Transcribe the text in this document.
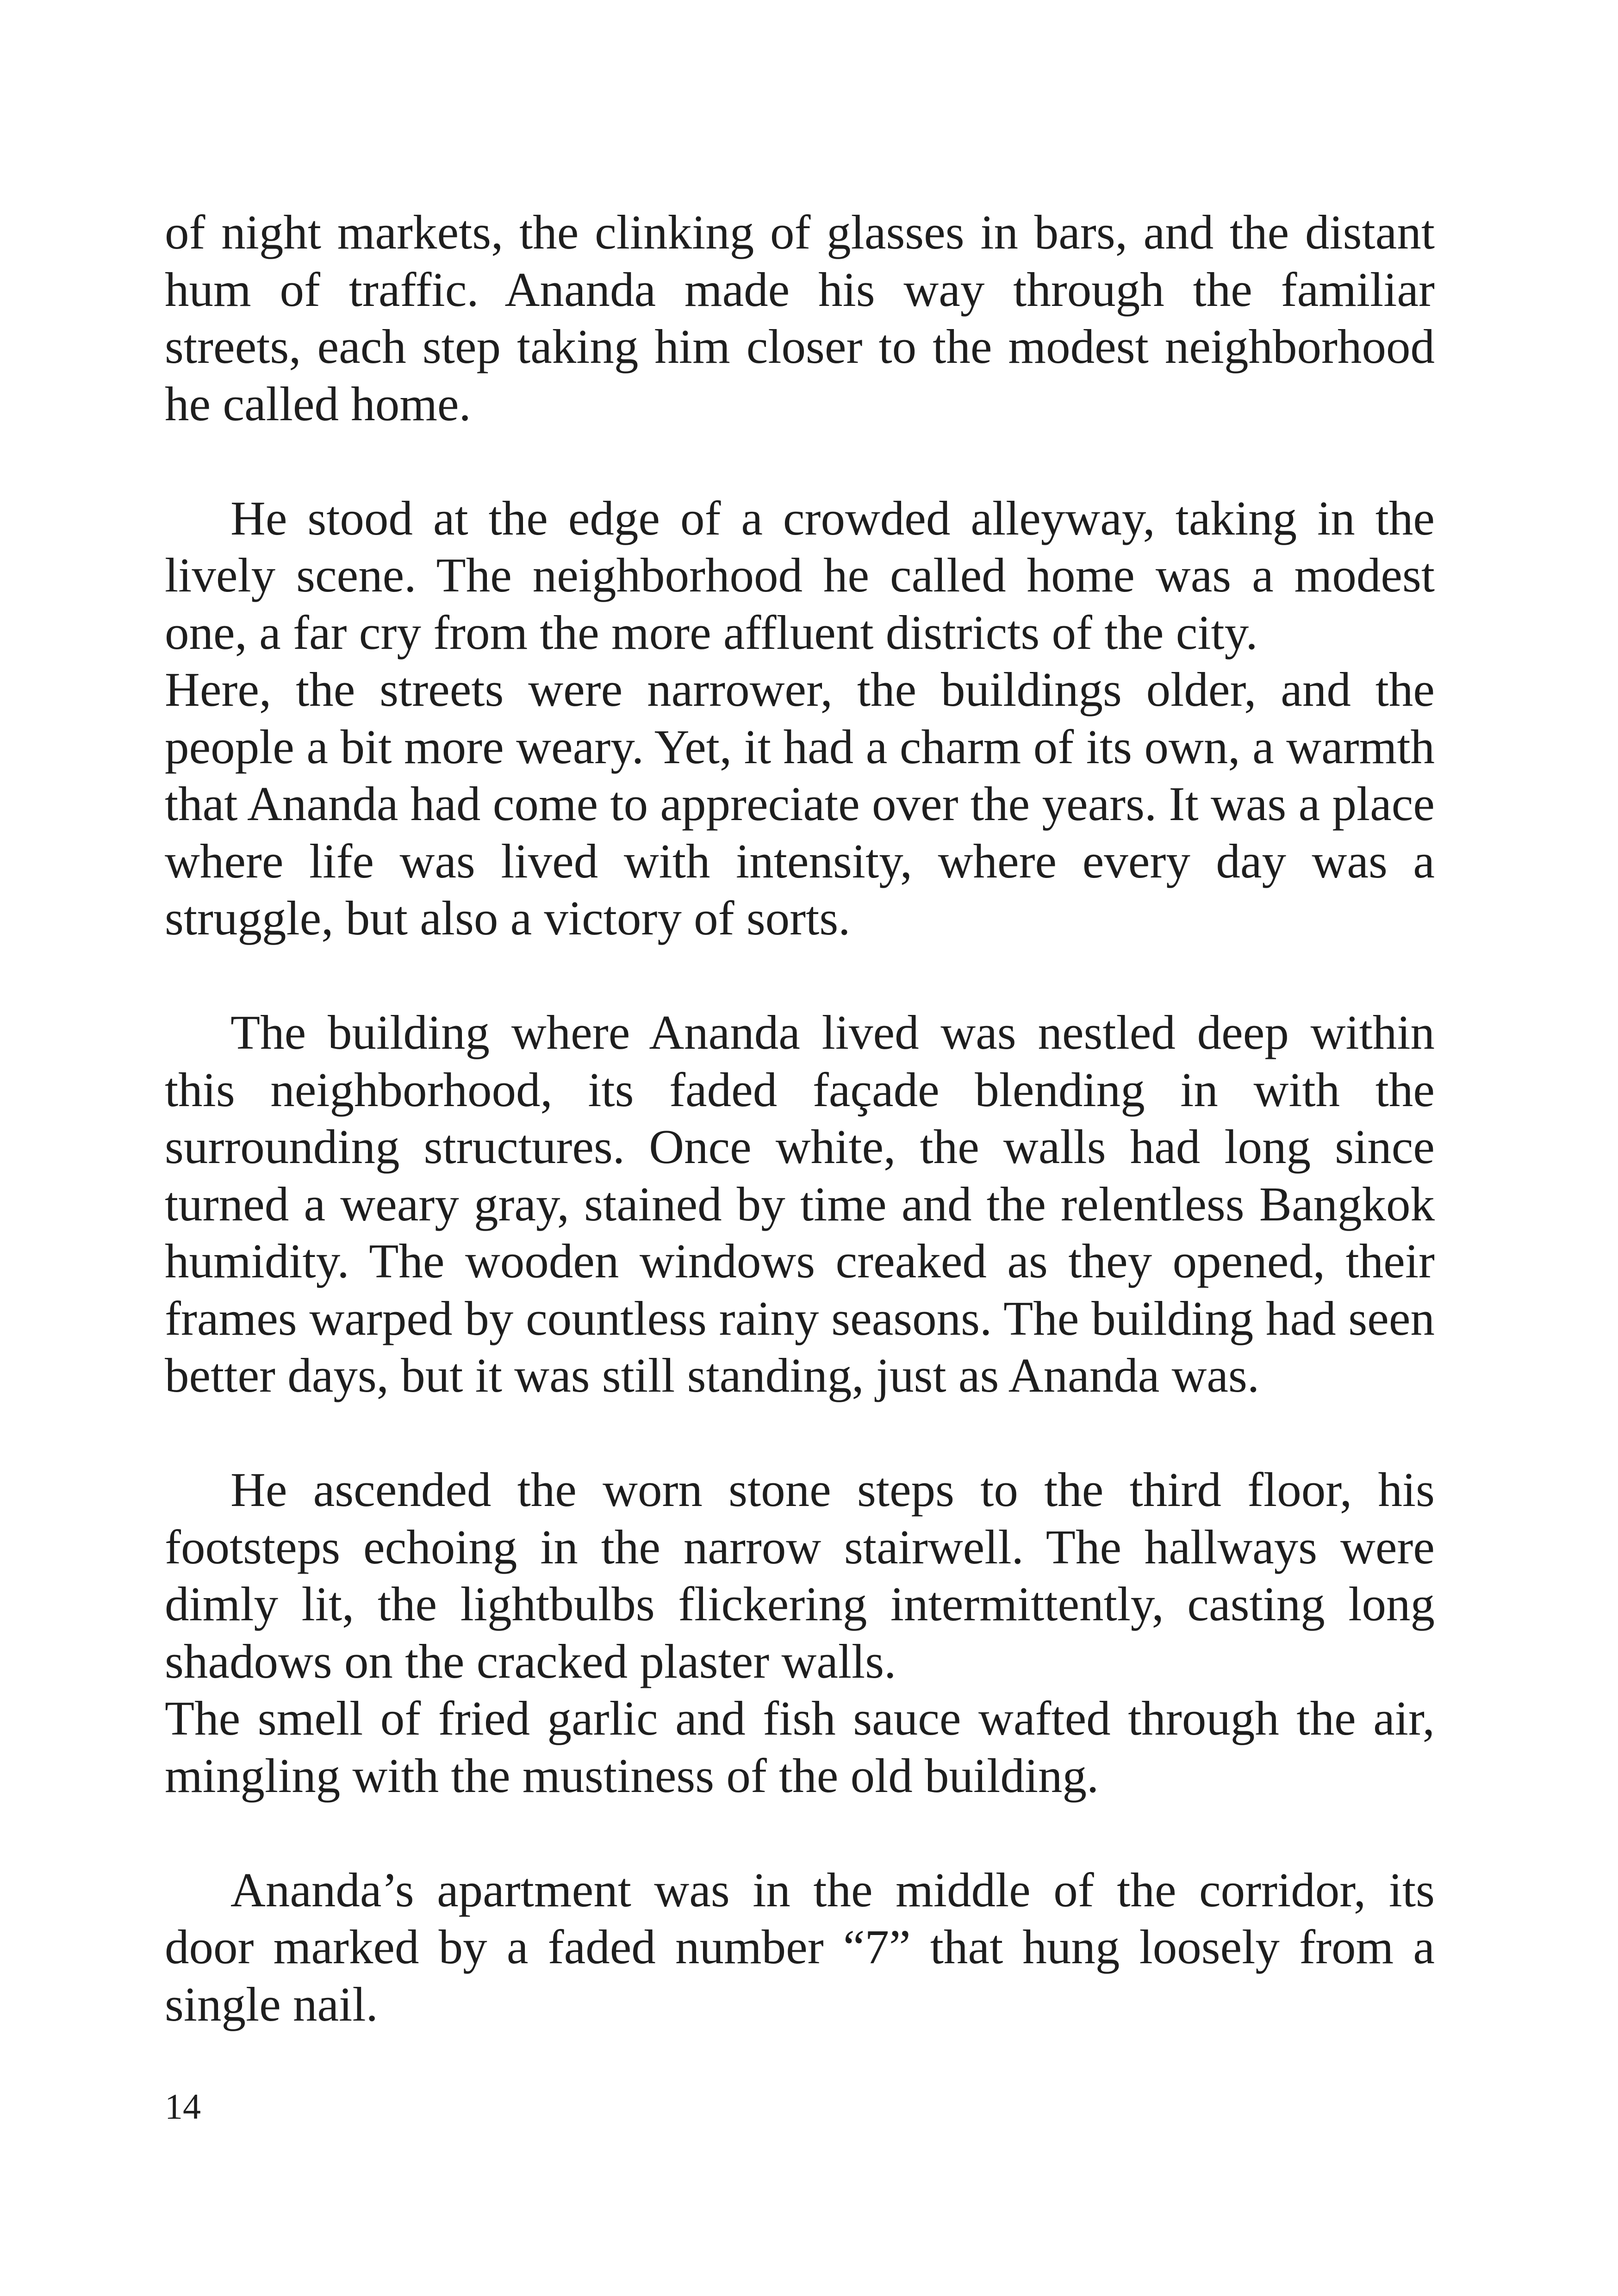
of night markets, the clinking of glasses in bars, and the distant hum of traffic. Ananda made his way through the familiar streets, each step taking him closer to the modest neighborhood he called home.

He stood at the edge of a crowded alleyway, taking in the lively scene. The neighborhood he called home was a modest one, a far cry from the more affluent districts of the city.

Here, the streets were narrower, the buildings older, and the people a bit more weary. Yet, it had a charm of its own, a warmth that Ananda had come to appreciate over the years. It was a place where life was lived with intensity, where every day was a struggle, but also a victory of sorts.

The building where Ananda lived was nestled deep within this neighborhood, its faded façade blending in with the surrounding structures. Once white, the walls had long since turned a weary gray, stained by time and the relentless Bangkok humidity. The wooden windows creaked as they opened, their frames warped by countless rainy seasons. The building had seen better days, but it was still standing, just as Ananda was.

He ascended the worn stone steps to the third floor, his footsteps echoing in the narrow stairwell. The hallways were dimly lit, the lightbulbs flickering intermittently, casting long shadows on the cracked plaster walls.

The smell of fried garlic and fish sauce wafted through the air, mingling with the mustiness of the old building.

Ananda’s apartment was in the middle of the corridor, its door marked by a faded number “7” that hung loosely from a single nail.

14
